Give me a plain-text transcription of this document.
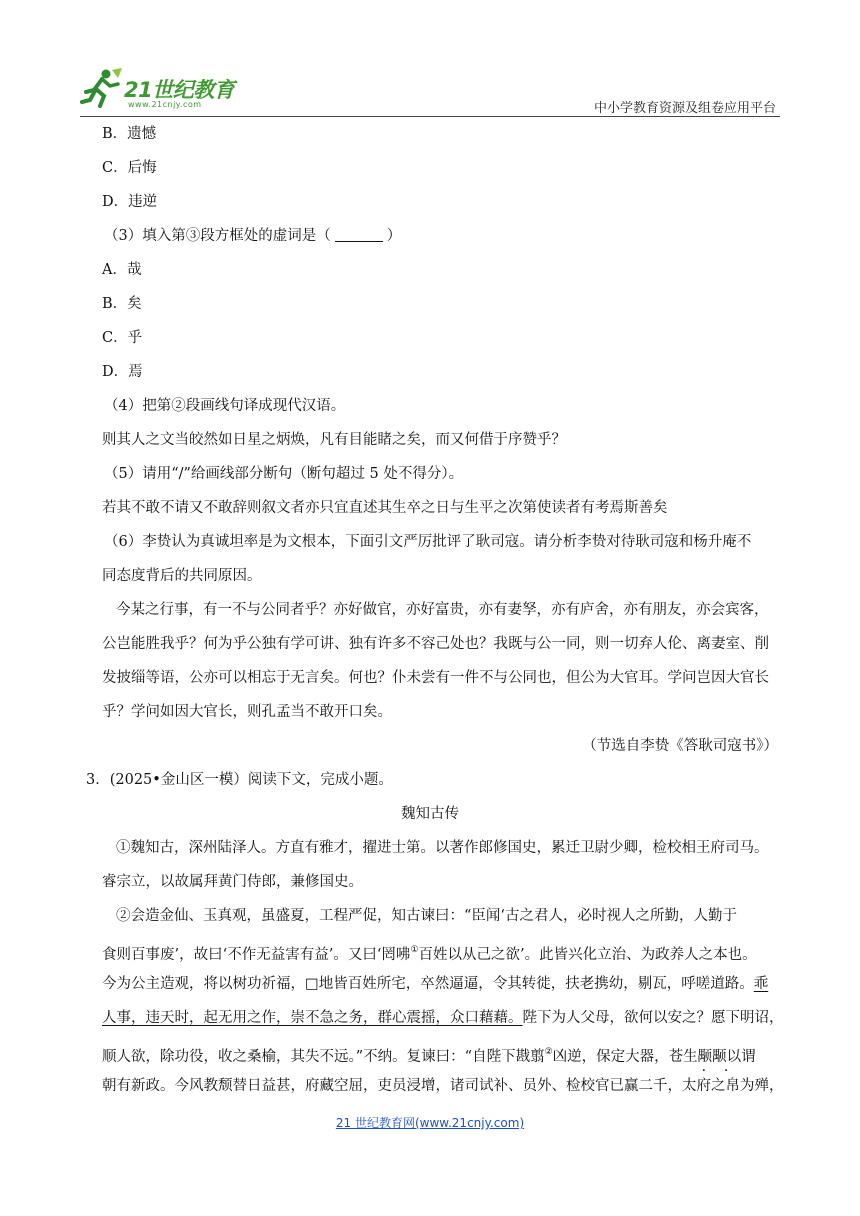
21世纪教育
www.21cnjy.com	中小学教育资源及组卷应用平台
B．遗憾
C．后悔
D．违逆
（3）填入第③段方框处的虚词是（	）
A．哉
B．矣
C．乎
D．焉
（4）把第②段画线句译成现代汉语。
则其人之文当皎然如日星之炳焕，凡有目能睹之矣，而又何借于序赞乎？
（5）请用“/”给画线部分断句（断句超过 5 处不得分）。
若其不敢不请又不敢辞则叙文者亦只宜直述其生卒之日与生平之次第使读者有考焉斯善矣
（6）李贽认为真诚坦率是为文根本，下面引文严厉批评了耿司寇。请分析李贽对待耿司寇和杨升庵不
同态度背后的共同原因。
今某之行事，有一不与公同者乎？亦好做官，亦好富贵，亦有妻孥，亦有庐舍，亦有朋友，亦会宾客，
公岂能胜我乎？何为乎公独有学可讲、独有许多不容己处也？我既与公一同，则一切弃人伦、离妻室、削
发披缁等语，公亦可以相忘于无言矣。何也？仆未尝有一件不与公同也，但公为大官耳。学问岂因大官长
乎？学问如因大官长，则孔孟当不敢开口矣。
（节选自李贽《答耿司寇书》）
3．(2025•金山区一模）阅读下文，完成小题。
魏知古传
①魏知古，深州陆泽人。方直有雅才，擢进士第。以著作郎修国史，累迁卫尉少卿，检校相王府司马。
睿宗立，以故属拜黄门侍郎，兼修国史。
②会造金仙、玉真观，虽盛夏，工程严促，知古谏曰：“臣闻‘古之君人，必时视人之所勤，人勤于
食则百事废’，故曰‘不作无益害有益’。又曰‘罔咈①百姓以从己之欲’。此皆兴化立治、为政养人之本也。
今为公主造观，将以树功祈福，□地皆百姓所宅，卒然逼逼，令其转徙，扶老携幼，剔瓦，呼嗟道路。乖
人事，违天时，起无用之作，崇不急之务，群心震摇，众口藉藉。陛下为人父母，欲何以安之？愿下明诏，
顺人欲，除功役，收之桑榆，其失不远。”不纳。复谏曰：“自陛下戡翦②凶逆，保定大器，苍生颙颙 · ·以谓
朝有新政。今风教颓替日益甚，府藏空屈，吏员浸增，诸司试补、员外、检校官已赢二千，太府之帛为殚，
21 世纪教育网(www.21cnjy.com)
